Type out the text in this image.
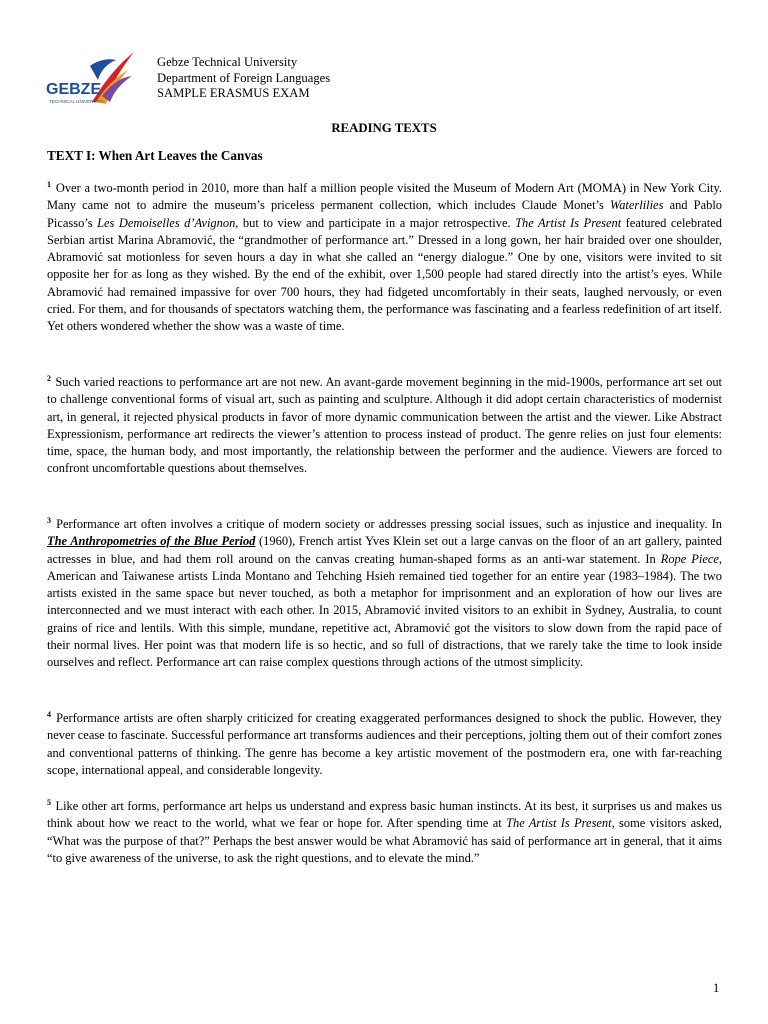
GEBZE
TECHNICAL UNIVERSITY
Gebze Technical University
Department of Foreign Languages
SAMPLE ERASMUS EXAM
READING TEXTS
TEXT I: When Art Leaves the Canvas

$^1$ Over a two-month period in 2010, more than half a million people visited the Museum of Modern Art (MOMA) in New York City. Many came not to admire the museum’s priceless permanent collection, which includes Claude Monet’s Waterlilies and Pablo Picasso’s Les Demoiselles d’Avignon, but to view and participate in a major retrospective. The Artist Is Present featured celebrated Serbian artist Marina Abramović, the “grandmother of performance art.” Dressed in a long gown, her hair braided over one shoulder, Abramović sat motionless for seven hours a day in what she called an “energy dialogue.” One by one, visitors were invited to sit opposite her for as long as they wished. By the end of the exhibit, over 1,500 people had stared directly into the artist’s eyes. While Abramović had remained impassive for over 700 hours, they had fidgeted uncomfortably in their seats, laughed nervously, or even cried. For them, and for thousands of spectators watching them, the performance was fascinating and a fearless redefinition of art itself. Yet others wondered whether the show was a waste of time.

$^2$ Such varied reactions to performance art are not new. An avant-garde movement beginning in the mid-1900s, performance art set out to challenge conventional forms of visual art, such as painting and sculpture. Although it did adopt certain characteristics of modernist art, in general, it rejected physical products in favor of more dynamic communication between the artist and the viewer. Like Abstract Expressionism, performance art redirects the viewer’s attention to process instead of product. The genre relies on just four elements: time, space, the human body, and most importantly, the relationship between the performer and the audience. Viewers are forced to confront uncomfortable questions about themselves.

$^3$ Performance art often involves a critique of modern society or addresses pressing social issues, such as injustice and inequality. In The Anthropometries of the Blue Period (1960), French artist Yves Klein set out a large canvas on the floor of an art gallery, painted actresses in blue, and had them roll around on the canvas creating human-shaped forms as an anti-war statement. In Rope Piece, American and Taiwanese artists Linda Montano and Tehching Hsieh remained tied together for an entire year (1983–1984). The two artists existed in the same space but never touched, as both a metaphor for imprisonment and an exploration of how our lives are interconnected and we must interact with each other. In 2015, Abramović invited visitors to an exhibit in Sydney, Australia, to count grains of rice and lentils. With this simple, mundane, repetitive act, Abramović got the visitors to slow down from the rapid pace of their normal lives. Her point was that modern life is so hectic, and so full of distractions, that we rarely take the time to look inside ourselves and reflect. Performance art can raise complex questions through actions of the utmost simplicity.

$^4$ Performance artists are often sharply criticized for creating exaggerated performances designed to shock the public. However, they never cease to fascinate. Successful performance art transforms audiences and their perceptions, jolting them out of their comfort zones and conventional patterns of thinking. The genre has become a key artistic movement of the postmodern era, one with far-reaching scope, international appeal, and considerable longevity.

$^5$ Like other art forms, performance art helps us understand and express basic human instincts. At its best, it surprises us and makes us think about how we react to the world, what we fear or hope for. After spending time at The Artist Is Present, some visitors asked, “What was the purpose of that?” Perhaps the best answer would be what Abramović has said of performance art in general, that it aims “to give awareness of the universe, to ask the right questions, and to elevate the mind.”

1
